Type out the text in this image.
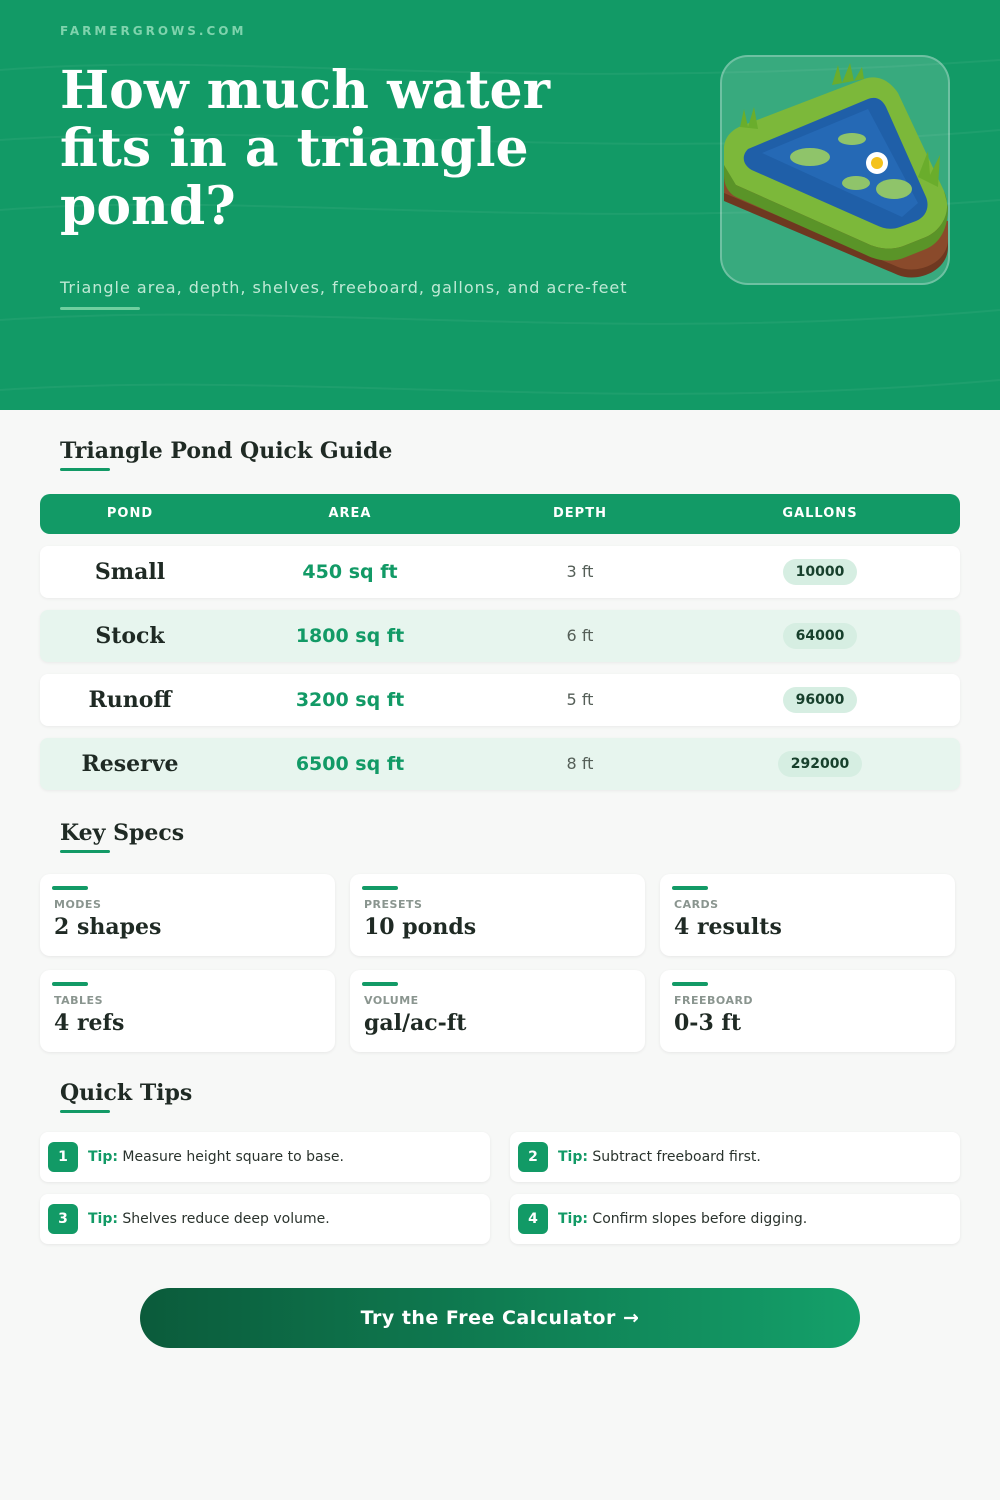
FARMERGROWS.COM
How much water fits in a triangle pond?
Triangle area, depth, shelves, freeboard, gallons, and acre-feet
Triangle Pond Quick Guide
POND	AREA	DEPTH	GALLONS
Small	450 sq ft	3 ft	10000
Stock	1800 sq ft	6 ft	64000
Runoff	3200 sq ft	5 ft	96000
Reserve	6500 sq ft	8 ft	292000
Key Specs
MODES
2 shapes
PRESETS
10 ponds
CARDS
4 results
TABLES
4 refs
VOLUME
gal/ac-ft
FREEBOARD
0-3 ft
Quick Tips
1	Tip: Measure height square to base.	2	Tip: Subtract freeboard first.
3	Tip: Shelves reduce deep volume.	4	Tip: Confirm slopes before digging.
Try the Free Calculator →
